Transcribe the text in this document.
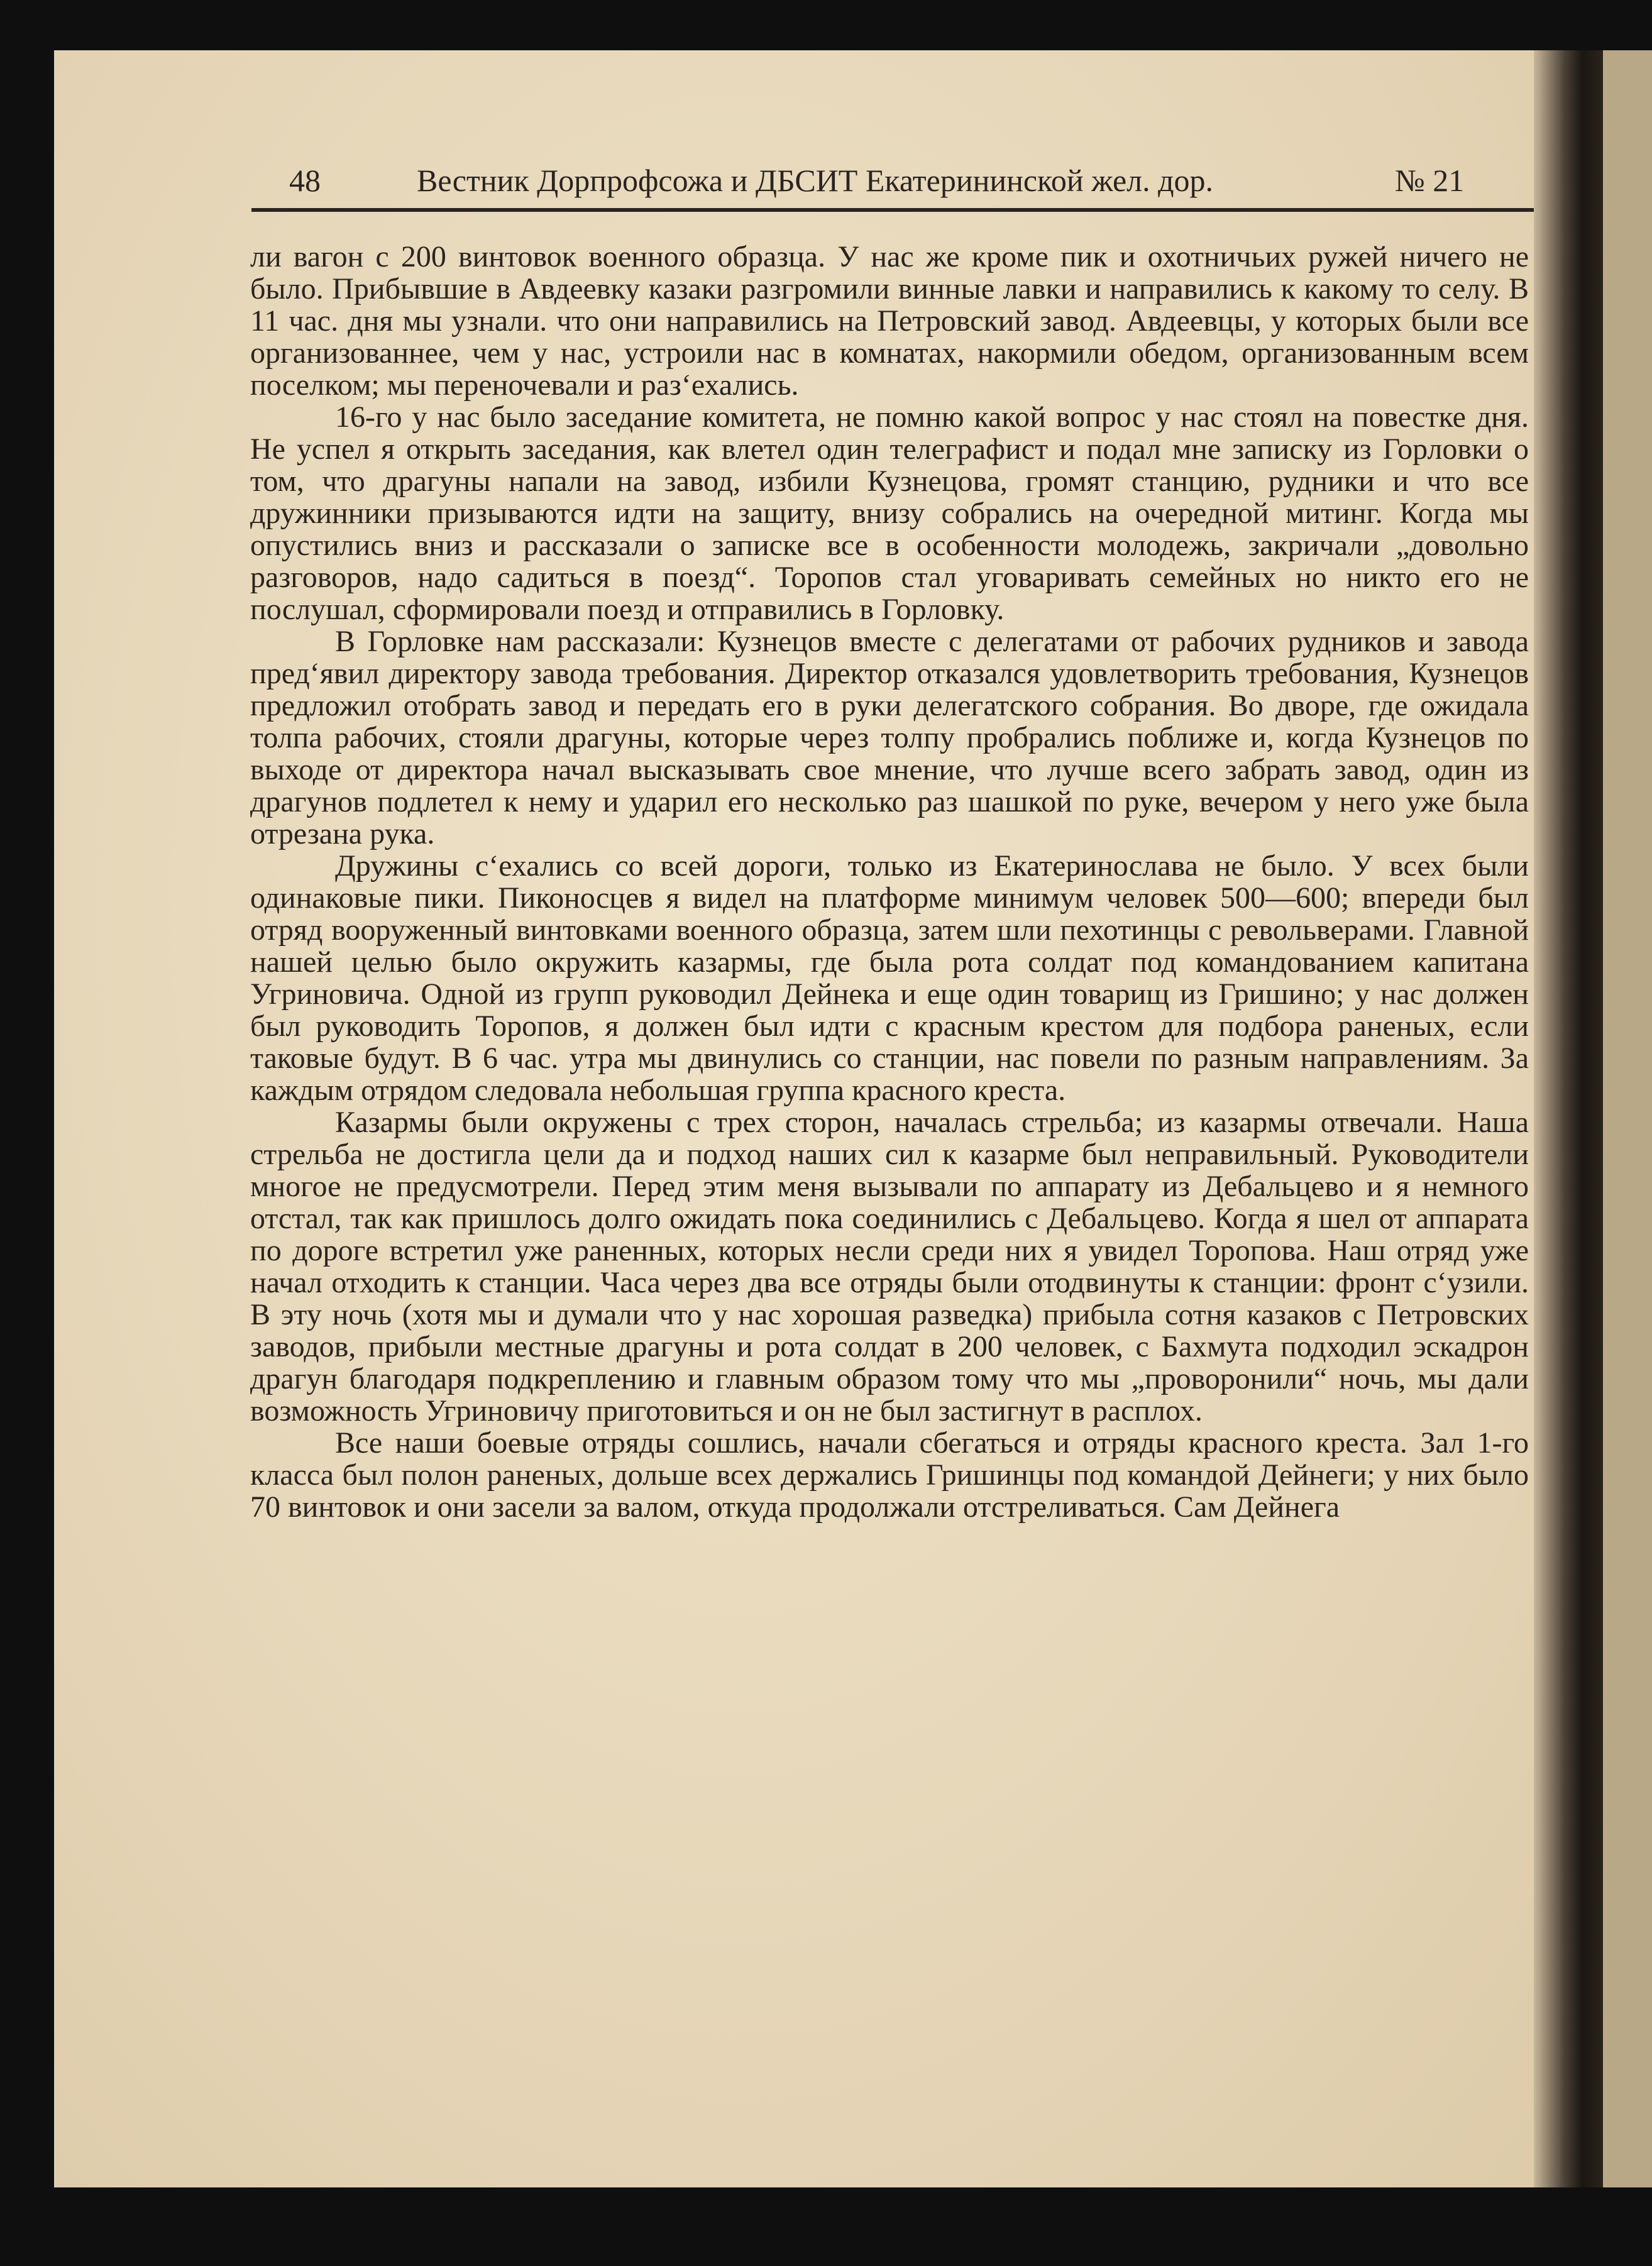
48	Вестник Дорпрофсожа и ДБСИТ Екатерининской жел. дор.	№ 21

ли вагон с 200 винтовок военного образца. У нас же кроме пик и охотничьих ружей ничего не было. Прибывшие в Авдеевку казаки разгромили винные лавки и направились к какому то селу. В 11 час. дня мы узнали. что они направились на Петровский завод. Авдеевцы, у которых были все организованнее, чем у нас, устроили нас в комнатах, накормили обедом, организованным всем поселком; мы переночевали и раз‘ехались.

16-го у нас было заседание комитета, не помню какой вопрос у нас стоял на повестке дня. Не успел я открыть заседания, как влетел один телеграфист и подал мне записку из Горловки о том, что драгуны напали на завод, избили Кузнецова, громят станцию, рудники и что все дружинники призываются идти на защиту, внизу собрались на очередной митинг. Когда мы опустились вниз и рассказали о записке все в особенности молодежь, закричали „довольно разговоров, надо садиться в поезд“. Торопов стал уговаривать семейных но никто его не послушал, сформировали поезд и отправились в Горловку.

В Горловке нам рассказали: Кузнецов вместе с делегатами от рабочих рудников и завода пред‘явил директору завода требования. Директор отказался удовлетворить требования, Кузнецов предложил отобрать завод и передать его в руки делегатского собрания. Во дворе, где ожидала толпа рабочих, стояли драгуны, которые через толпу пробрались поближе и, когда Кузнецов по выходе от директора начал высказывать свое мнение, что лучше всего забрать завод, один из драгунов подлетел к нему и ударил его несколько раз шашкой по руке, вечером у него уже была отрезана рука.

Дружины с‘ехались со всей дороги, только из Екатеринослава не было. У всех были одинаковые пики. Пиконосцев я видел на платформе минимум человек 500—600; впереди был отряд вооруженный винтовками военного образца, затем шли пехотинцы с револьверами. Главной нашей целью было окружить казармы, где была рота солдат под командованием капитана Угриновича. Одной из групп руководил Дейнека и еще один товарищ из Гришино; у нас должен был руководить Торопов, я должен был идти с красным крестом для подбора раненых, если таковые будут. В 6 час. утра мы двинулись со станции, нас повели по разным направлениям. За каждым отрядом следовала небольшая группа красного креста.

Казармы были окружены с трех сторон, началась стрельба; из казармы отвечали. Наша стрельба не достигла цели да и подход наших сил к казарме был неправильный. Руководители многое не предусмотрели. Перед этим меня вызывали по аппарату из Дебальцево и я немного отстал, так как пришлось долго ожидать пока соединились с Дебальцево. Когда я шел от аппарата по дороге встретил уже раненных, которых несли среди них я увидел Торопова. Наш отряд уже начал отходить к станции. Часа через два все отряды были отодвинуты к станции: фронт с‘узили. В эту ночь (хотя мы и думали что у нас хорошая разведка) прибыла сотня казаков с Петровских заводов, прибыли местные драгуны и рота солдат в 200 человек, с Бахмута подходил эскадрон драгун благодаря подкреплению и главным образом тому что мы „проворонили“ ночь, мы дали возможность Угриновичу приготовиться и он не был застигнут в расплох.

Все наши боевые отряды сошлись, начали сбегаться и отряды красного креста. Зал 1-го класса был полон раненых, дольше всех держались Гришинцы под командой Дейнеги; у них было 70 винтовок и они засели за валом, откуда продолжали отстреливаться. Сам Дейнега
